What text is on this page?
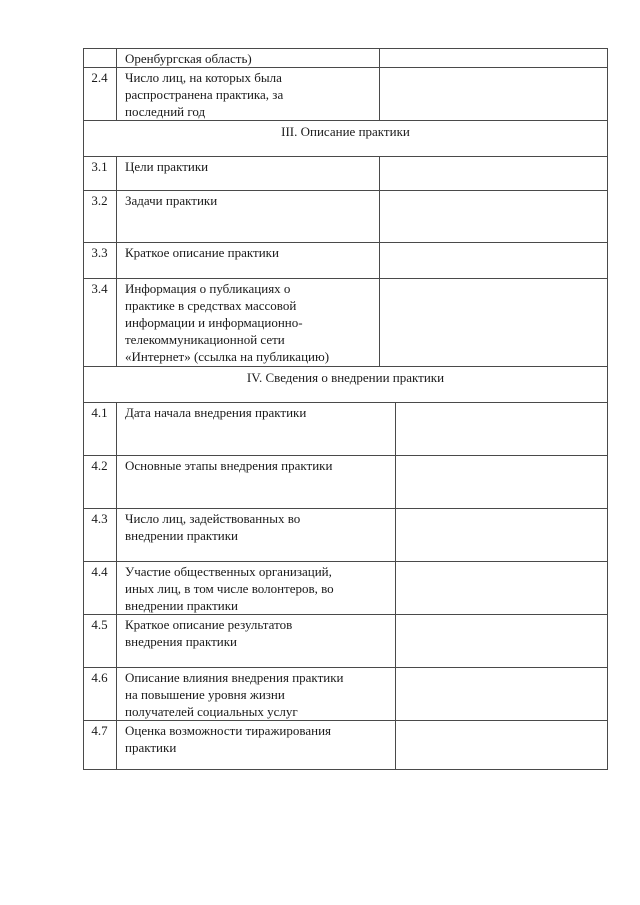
Оренбургская область)
2.4	Число лиц, на которых была
распространена практика, за
последний год
III. Описание практики
3.1	Цели практики
3.2	Задачи практики
3.3	Краткое описание практики
3.4	Информация о публикациях о
практике в средствах массовой
информации и информационно-
телекоммуникационной сети
«Интернет» (ссылка на публикацию)
IV. Сведения о внедрении практики
4.1	Дата начала внедрения практики
4.2	Основные этапы внедрения практики
4.3	Число лиц, задействованных во
внедрении практики
4.4	Участие общественных организаций,
иных лиц, в том числе волонтеров, во
внедрении практики
4.5	Краткое описание результатов
внедрения практики
4.6	Описание влияния внедрения практики
на повышение уровня жизни
получателей социальных услуг
4.7	Оценка возможности тиражирования
практики
